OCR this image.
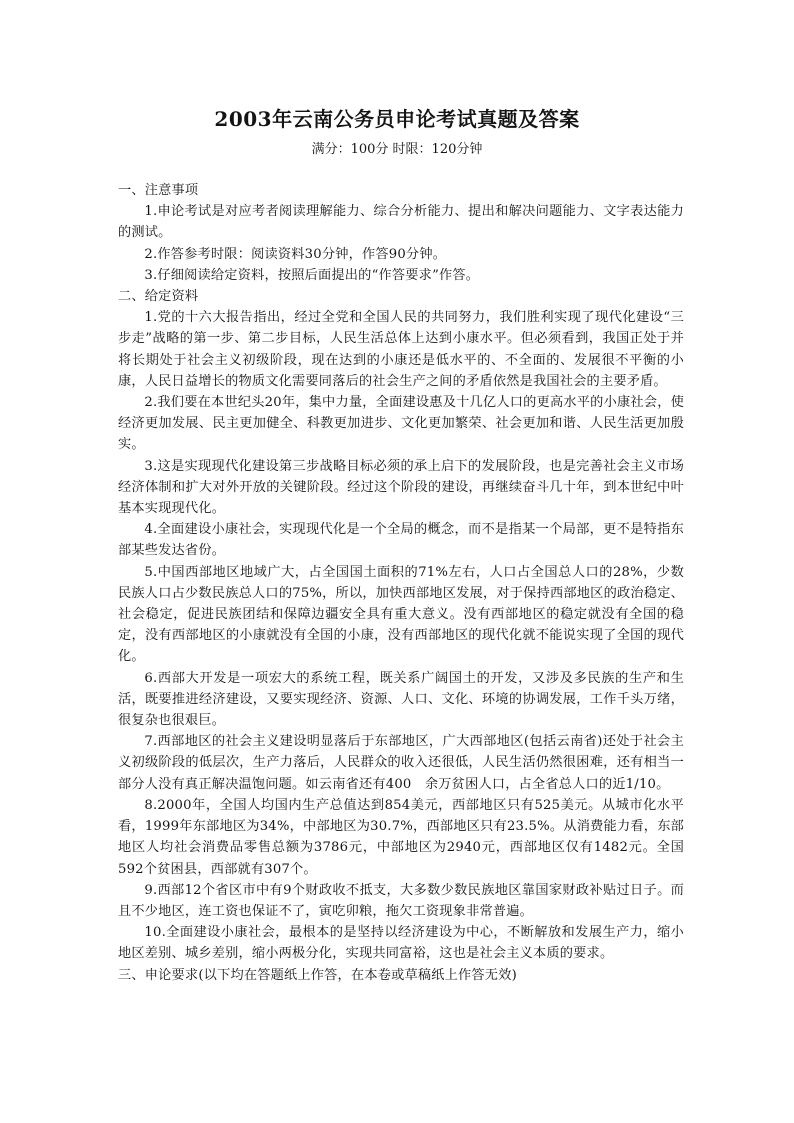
2003年云南公务员申论考试真题及答案
满分：100分 时限：120分钟

一、注意事项

1.申论考试是对应考者阅读理解能力、综合分析能力、提出和解决问题能力、文字表达能力的测试。

2.作答参考时限：阅读资料30分钟，作答90分钟。

3.仔细阅读给定资料，按照后面提出的“作答要求”作答。

二、给定资料

1.党的十六大报告指出，经过全党和全国人民的共同努力，我们胜利实现了现代化建设“三步走”战略的第一步、第二步目标，人民生活总体上达到小康水平。但必须看到，我国正处于并将长期处于社会主义初级阶段，现在达到的小康还是低水平的、不全面的、发展很不平衡的小康，人民日益增长的物质文化需要同落后的社会生产之间的矛盾依然是我国社会的主要矛盾。

2.我们要在本世纪头20年，集中力量，全面建设惠及十几亿人口的更高水平的小康社会，使经济更加发展、民主更加健全、科教更加进步、文化更加繁荣、社会更加和谐、人民生活更加殷实。

3.这是实现现代化建设第三步战略目标必须的承上启下的发展阶段，也是完善社会主义市场经济体制和扩大对外开放的关键阶段。经过这个阶段的建设，再继续奋斗几十年，到本世纪中叶基本实现现代化。

4.全面建设小康社会，实现现代化是一个全局的概念，而不是指某一个局部，更不是特指东部某些发达省份。

5.中国西部地区地域广大，占全国国土面积的71%左右，人口占全国总人口的28%，少数民族人口占少数民族总人口的75%，所以，加快西部地区发展，对于保持西部地区的政治稳定、社会稳定，促进民族团结和保障边疆安全具有重大意义。没有西部地区的稳定就没有全国的稳定，没有西部地区的小康就没有全国的小康，没有西部地区的现代化就不能说实现了全国的现代化。

6.西部大开发是一项宏大的系统工程，既关系广阔国土的开发，又涉及多民族的生产和生活，既要推进经济建设，又要实现经济、资源、人口、文化、环境的协调发展，工作千头万绪，很复杂也很艰巨。

7.西部地区的社会主义建设明显落后于东部地区，广大西部地区(包括云南省)还处于社会主义初级阶段的低层次，生产力落后，人民群众的收入还很低，人民生活仍然很困难，还有相当一部分人没有真正解决温饱问题。如云南省还有400　余万贫困人口，占全省总人口的近1/10。

8.2000年，全国人均国内生产总值达到854美元，西部地区只有525美元。从城市化水平看，1999年东部地区为34%，中部地区为30.7%，西部地区只有23.5%。从消费能力看，东部地区人均社会消费品零售总额为3786元，中部地区为2940元，西部地区仅有1482元。全国592个贫困县，西部就有307个。

9.西部12个省区市中有9个财政收不抵支，大多数少数民族地区靠国家财政补贴过日子。而且不少地区，连工资也保证不了，寅吃卯粮，拖欠工资现象非常普遍。

10.全面建设小康社会，最根本的是坚持以经济建设为中心，不断解放和发展生产力，缩小地区差别、城乡差别，缩小两极分化，实现共同富裕，这也是社会主义本质的要求。

三、申论要求(以下均在答题纸上作答，在本卷或草稿纸上作答无效)
